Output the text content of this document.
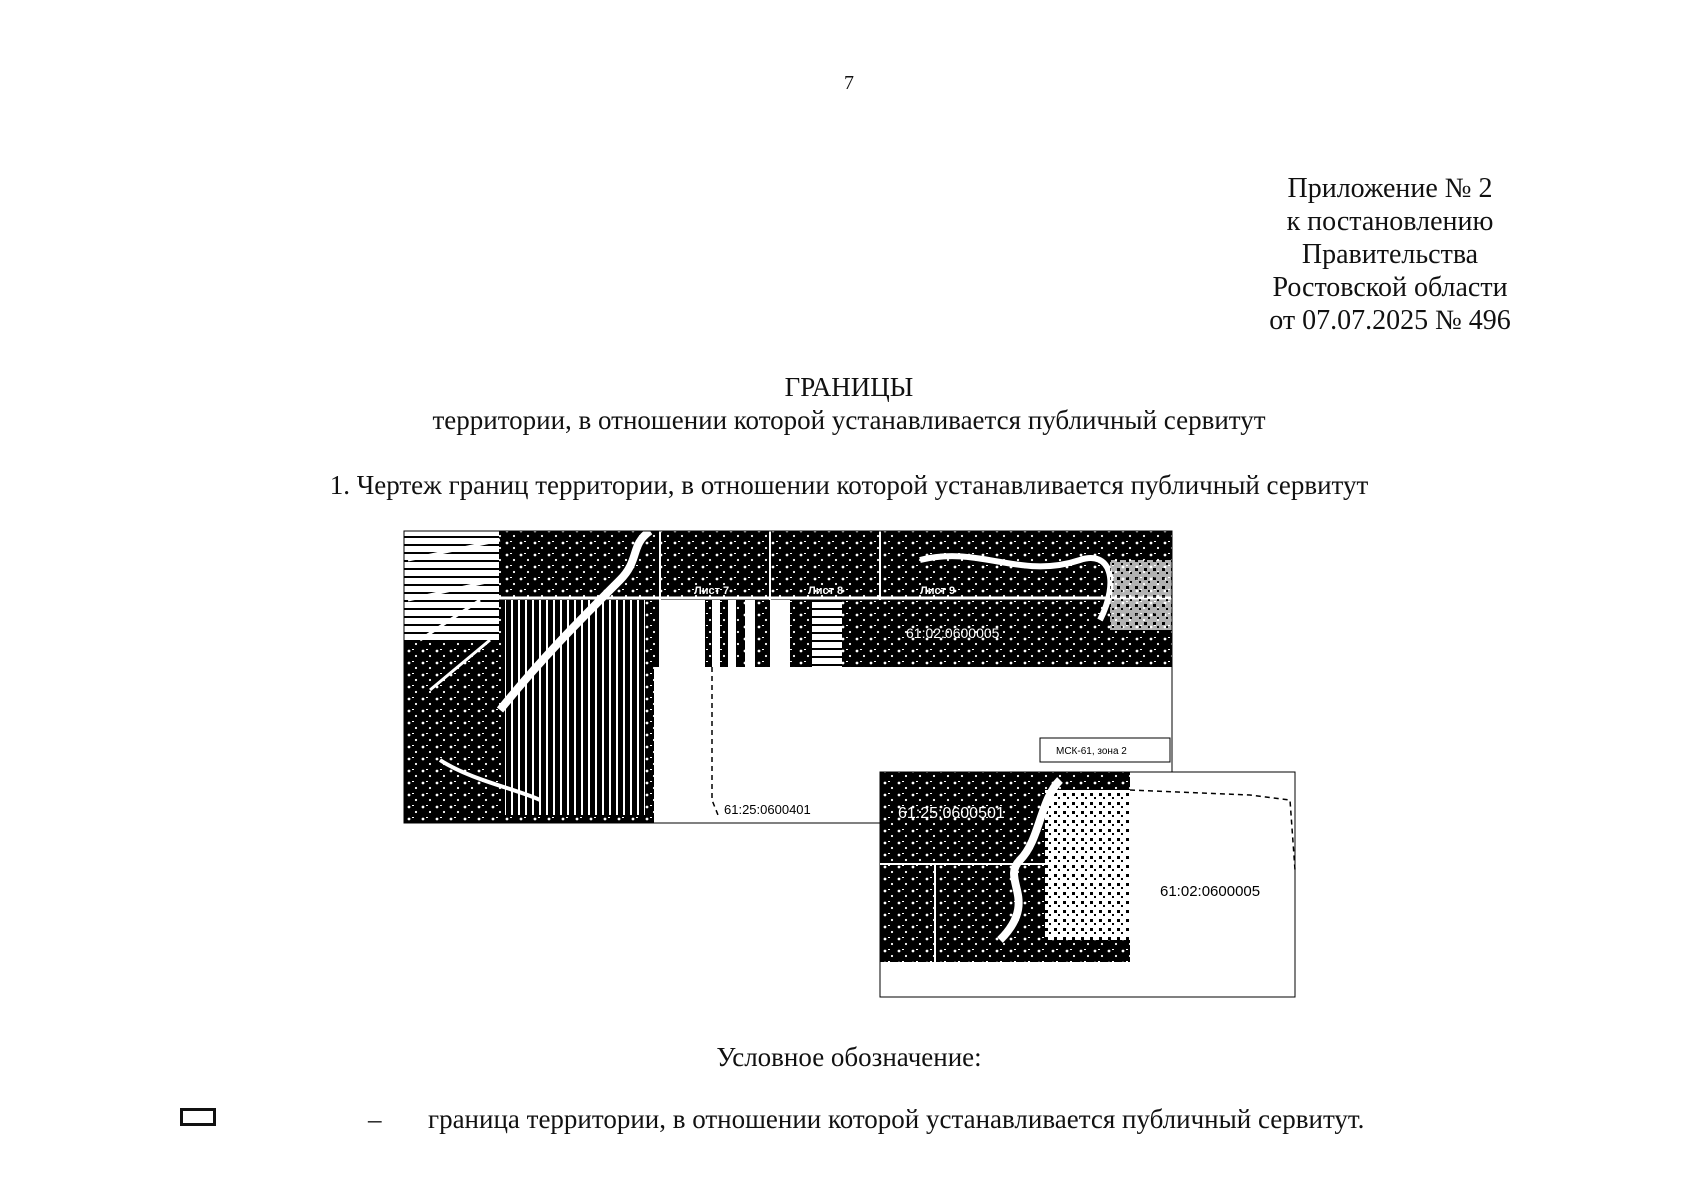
7
Приложение № 2
к постановлению
Правительства
Ростовской области
от 07.07.2025 № 496
ГРАНИЦЫ
территории, в отношении которой устанавливается публичный сервитут
1. Чертеж границ территории, в отношении которой устанавливается публичный сервитут
61:02:0600005
Лист 7	Лист 8	Лист 9
61:25:0600401
МСК-61, зона 2
61:25:0600501
61:02:0600005
Условное обозначение:
– граница территории, в отношении которой устанавливается публичный сервитут.
